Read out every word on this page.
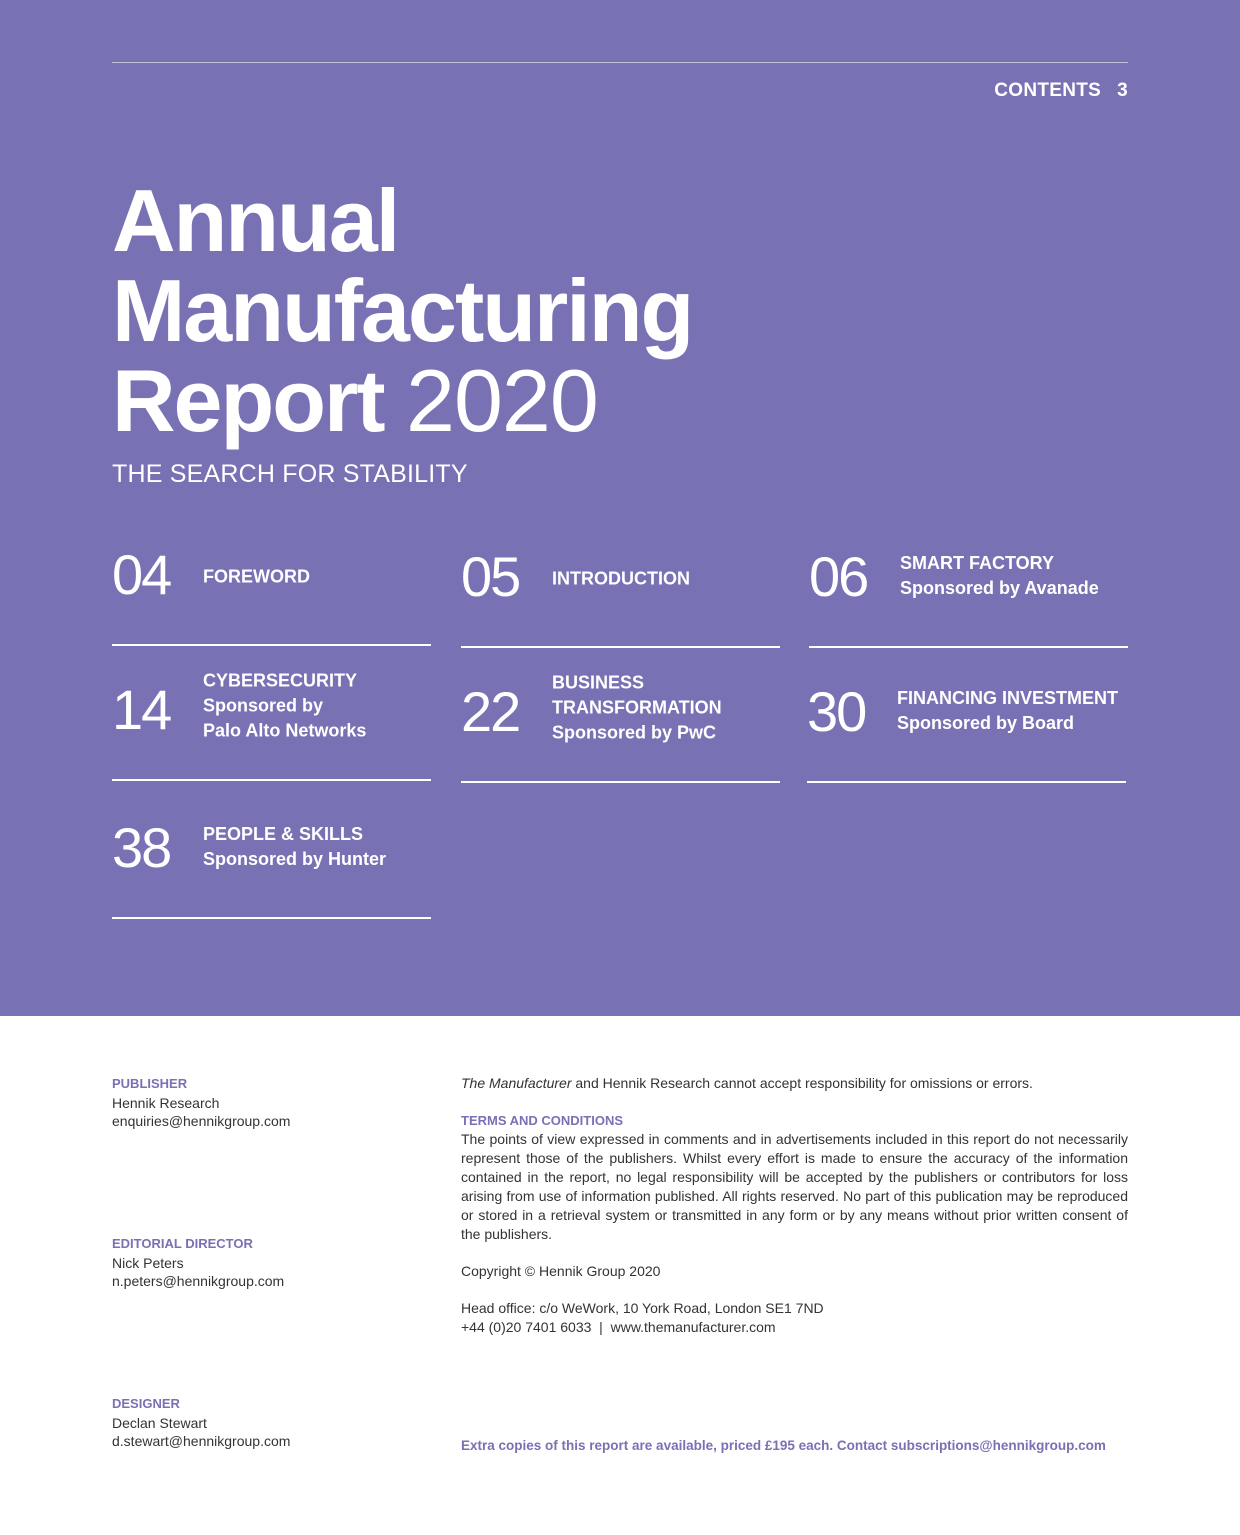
CONTENTS 3
Annual
Manufacturing
Report 2020
THE SEARCH FOR STABILITY
04 FOREWORD	05 INTRODUCTION 06 SMART FACTORY
Sponsored by Avanade
14 CYBERSECURITY
Sponsored by
Palo Alto Networks 22 BUSINESS
TRANSFORMATION
Sponsored by PwC 30 FINANCING INVESTMENT
Sponsored by Board
38 PEOPLE & SKILLS
Sponsored by Hunter
PUBLISHER
Hennik Research
enquiries@hennikgroup.com
EDITORIAL DIRECTOR
Nick Peters
n.peters@hennikgroup.com
DESIGNER
Declan Stewart
d.stewart@hennikgroup.com

The Manufacturer and Hennik Research cannot accept responsibility for omissions or errors.

TERMS AND CONDITIONS

The points of view expressed in comments and in advertisements included in this report do not necessarily represent those of the publishers. Whilst every effort is made to ensure the accuracy of the information contained in the report, no legal responsibility will be accepted by the publishers or contributors for loss arising from use of information published. All rights reserved. No part of this publication may be reproduced or stored in a retrieval system or transmitted in any form or by any means without prior written consent of the publishers.

Copyright © Hennik Group 2020

Head office: c/o WeWork, 10 York Road, London SE1 7ND

+44 (0)20 7401 6033 | www.themanufacturer.com

Extra copies of this report are available, priced £195 each. Contact subscriptions@hennikgroup.com
